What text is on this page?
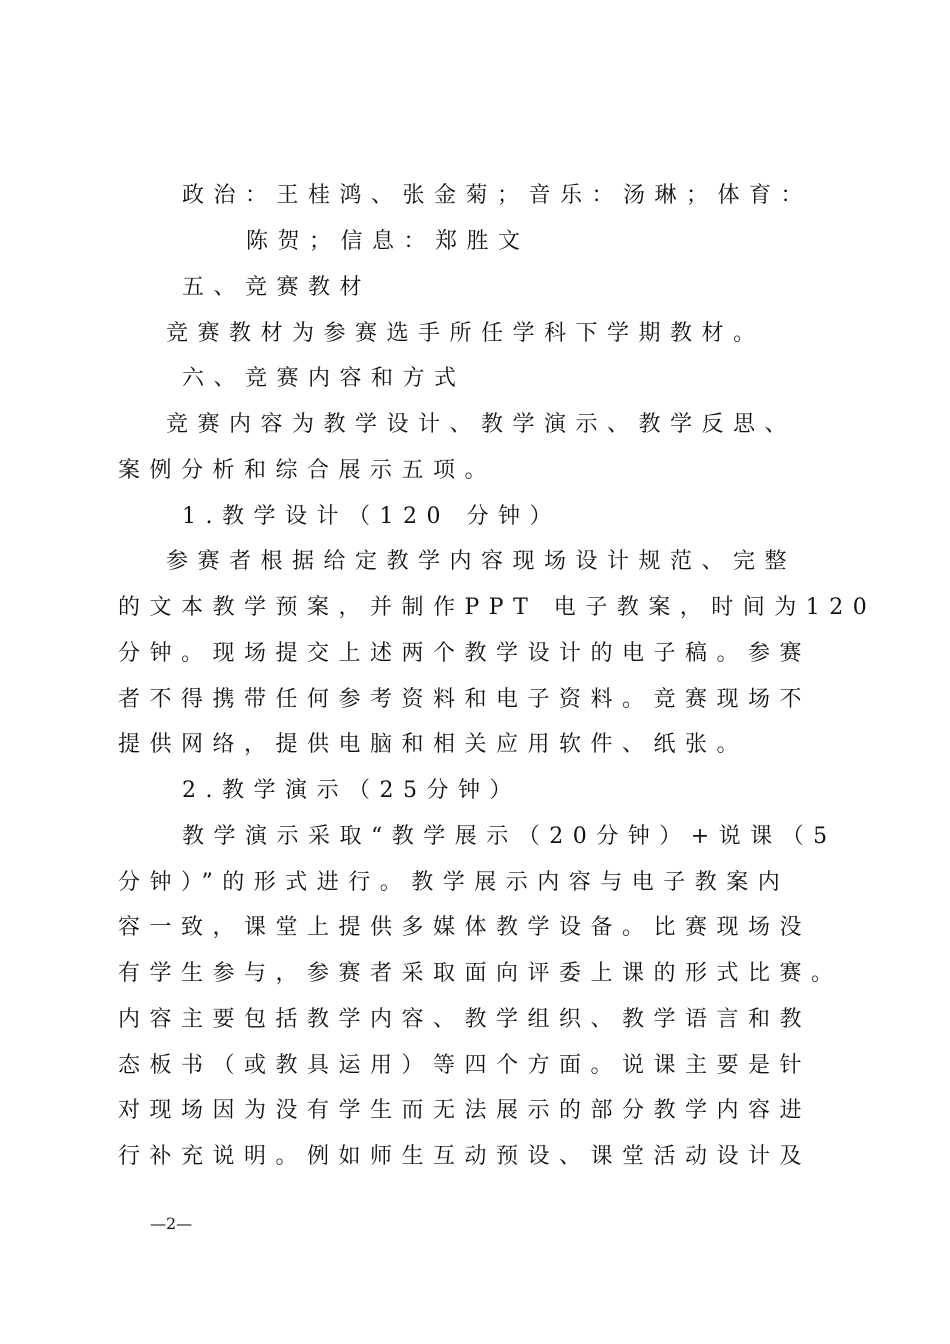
政治：王桂鸿、张金菊；音乐：汤琳；体育：
陈贺；信息：郑胜文
五、竞赛教材
竞赛教材为参赛选手所任学科下学期教材。
六、竞赛内容和方式
竞赛内容为教学设计、教学演示、教学反思、
案例分析和综合展示五项。
1.教学设计（120 分钟）
参赛者根据给定教学内容现场设计规范、完整
的文本教学预案，并制作PPT 电子教案，时间为120
分钟。现场提交上述两个教学设计的电子稿。参赛
者不得携带任何参考资料和电子资料。竞赛现场不
提供网络，提供电脑和相关应用软件、纸张。
2.教学演示（25分钟）
教学演示采取“教学展示（20分钟）+说课（5
分钟）”的形式进行。教学展示内容与电子教案内
容一致，课堂上提供多媒体教学设备。比赛现场没
有学生参与，参赛者采取面向评委上课的形式比赛。
内容主要包括教学内容、教学组织、教学语言和教
态板书（或教具运用）等四个方面。说课主要是针
对现场因为没有学生而无法展示的部分教学内容进
行补充说明。例如师生互动预设、课堂活动设计及
—2—
